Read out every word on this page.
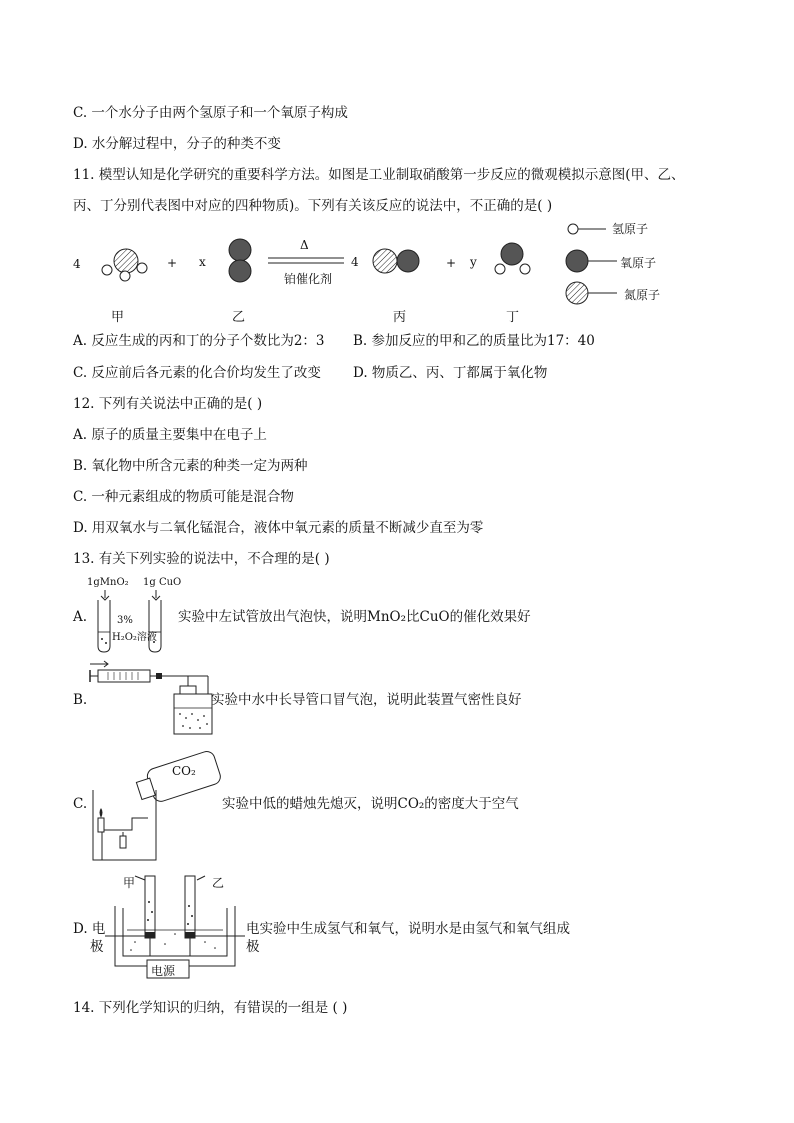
C. 一个水分子由两个氢原子和一个氧原子构成
D. 水分解过程中，分子的种类不变
11. 模型认知是化学研究的重要科学方法。如图是工业制取硝酸第一步反应的微观模拟示意图(甲、乙、
丙、丁分别代表图中对应的四种物质)。下列有关该反应的说法中，不正确的是( )
4	+ x
Δ
铂催化剂
4	+ y
甲	乙	丙	丁
氢原子
氧原子
氮原子
A. 反应生成的丙和丁的分子个数比为2：3 B. 参加反应的甲和乙的质量比为17：40
C. 反应前后各元素的化合价均发生了改变 D. 物质乙、丙、丁都属于氧化物
12. 下列有关说法中正确的是( )
A. 原子的质量主要集中在电子上
B. 氧化物中所含元素的种类一定为两种
C. 一种元素组成的物质可能是混合物
D. 用双氧水与二氧化锰混合，液体中氧元素的质量不断减少直至为零
13. 有关下列实验的说法中，不合理的是( )
A.
1gMnO₂ 1g CuO
3%
H₂O₂溶液
实验中左试管放出气泡快，说明MnO₂比CuO的催化效果好
B.	实验中水中长导管口冒气泡，说明此装置气密性良好
C.
CO₂
实验中低的蜡烛先熄灭，说明CO₂的密度大于空气
D. 电
极
甲	乙
电源
电实验中生成氢气和氧气，说明水是由氢气和氧气组成
极
14. 下列化学知识的归纳，有错误的一组是 ( )
